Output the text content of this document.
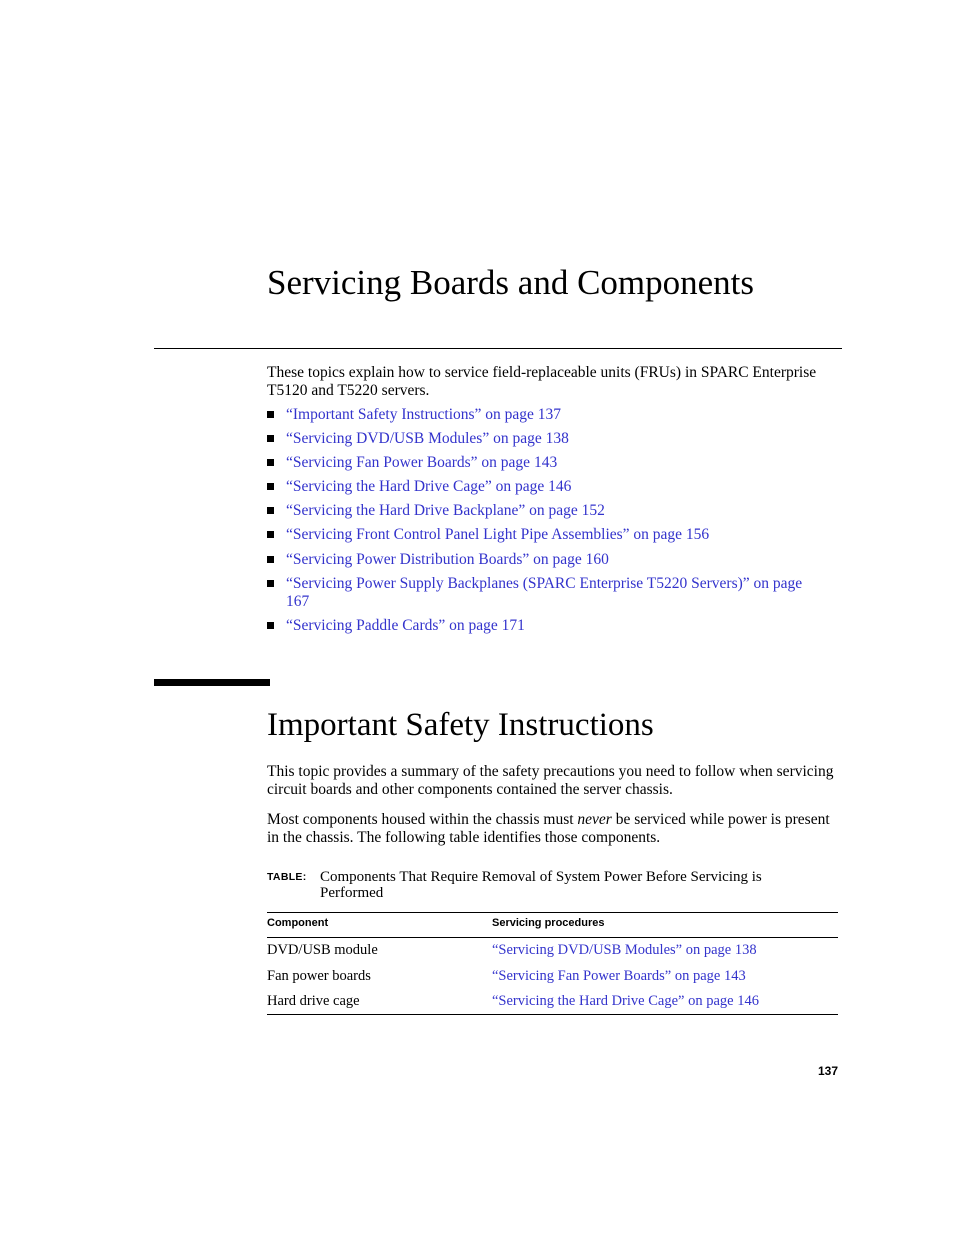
Servicing Boards and Components
These topics explain how to service field-replaceable units (FRUs) in SPARC Enterprise T5120 and T5220 servers.
“Important Safety Instructions” on page 137
“Servicing DVD/USB Modules” on page 138
“Servicing Fan Power Boards” on page 143
“Servicing the Hard Drive Cage” on page 146
“Servicing the Hard Drive Backplane” on page 152
“Servicing Front Control Panel Light Pipe Assemblies” on page 156
“Servicing Power Distribution Boards” on page 160
“Servicing Power Supply Backplanes (SPARC Enterprise T5220 Servers)” on page 167
“Servicing Paddle Cards” on page 171
Important Safety Instructions
This topic provides a summary of the safety precautions you need to follow when servicing circuit boards and other components contained the server chassis.
Most components housed within the chassis must never be serviced while power is present in the chassis. The following table identifies those components.
TABLE: Components That Require Removal of System Power Before Servicing is Performed
Component	Servicing procedures
DVD/USB module	“Servicing DVD/USB Modules” on page 138
Fan power boards	“Servicing Fan Power Boards” on page 143
Hard drive cage	“Servicing the Hard Drive Cage” on page 146
137
